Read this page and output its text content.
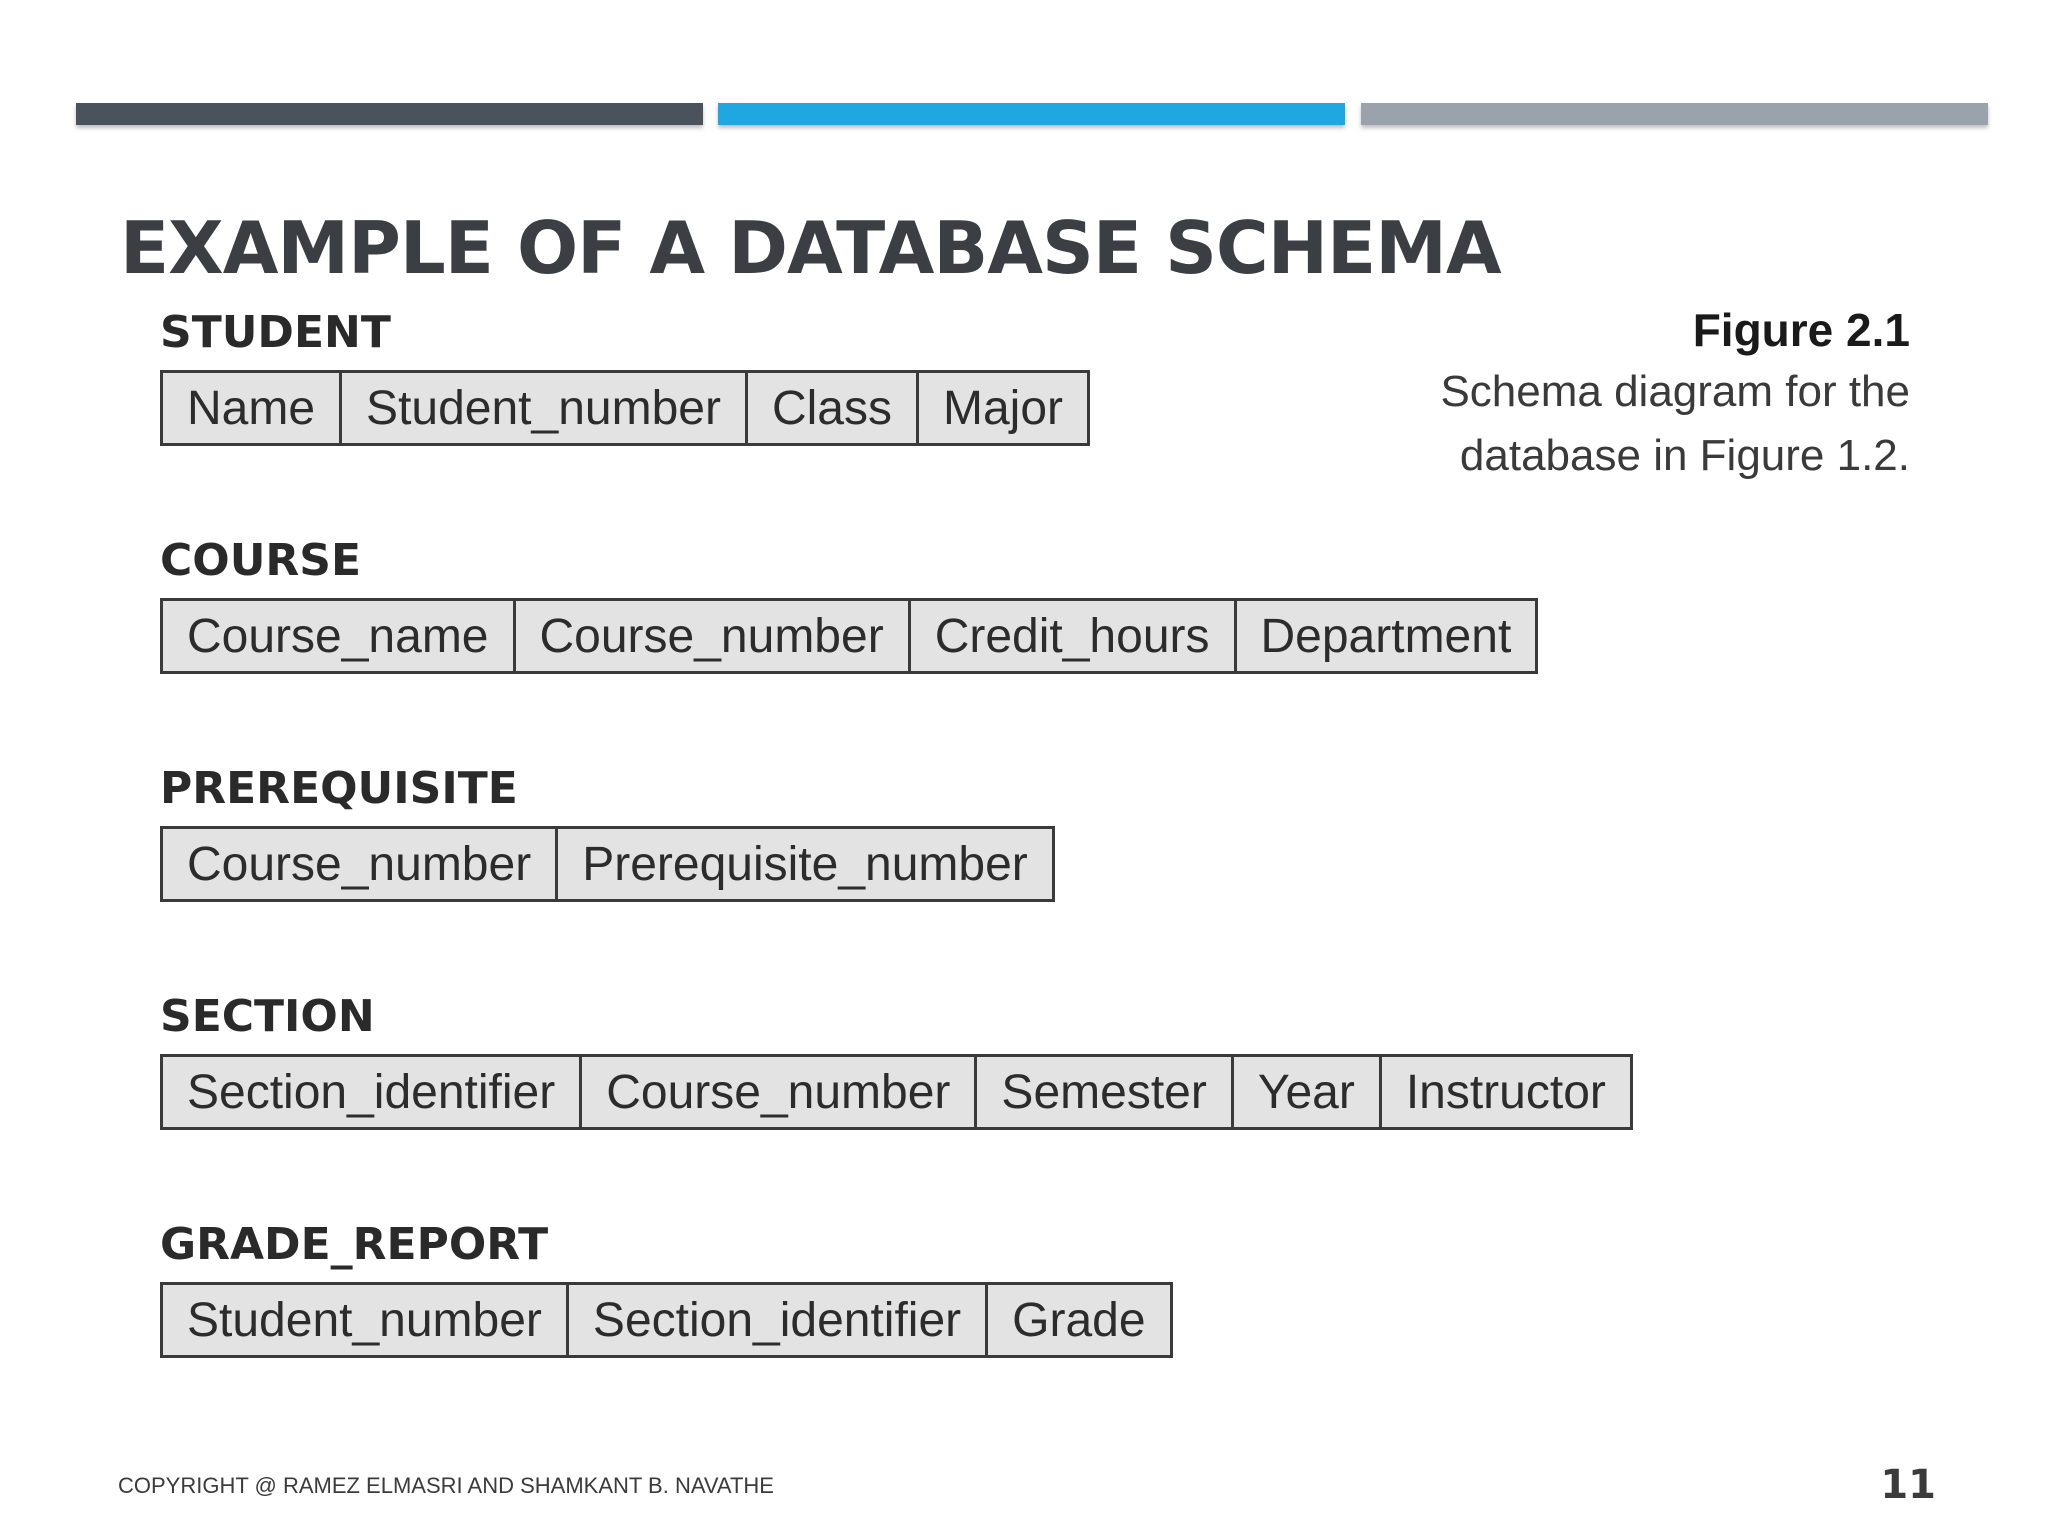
EXAMPLE OF A DATABASE SCHEMA
Figure 2.1
Schema diagram for the
database in Figure 1.2.
STUDENT
Name	Student_number	Class	Major
COURSE
Course_name	Course_number	Credit_hours	Department
PREREQUISITE
Course_number	Prerequisite_number
SECTION
Section_identifier	Course_number	Semester	Year	Instructor
GRADE_REPORT
Student_number	Section_identifier	Grade
COPYRIGHT @ RAMEZ ELMASRI AND SHAMKANT B. NAVATHE	11
